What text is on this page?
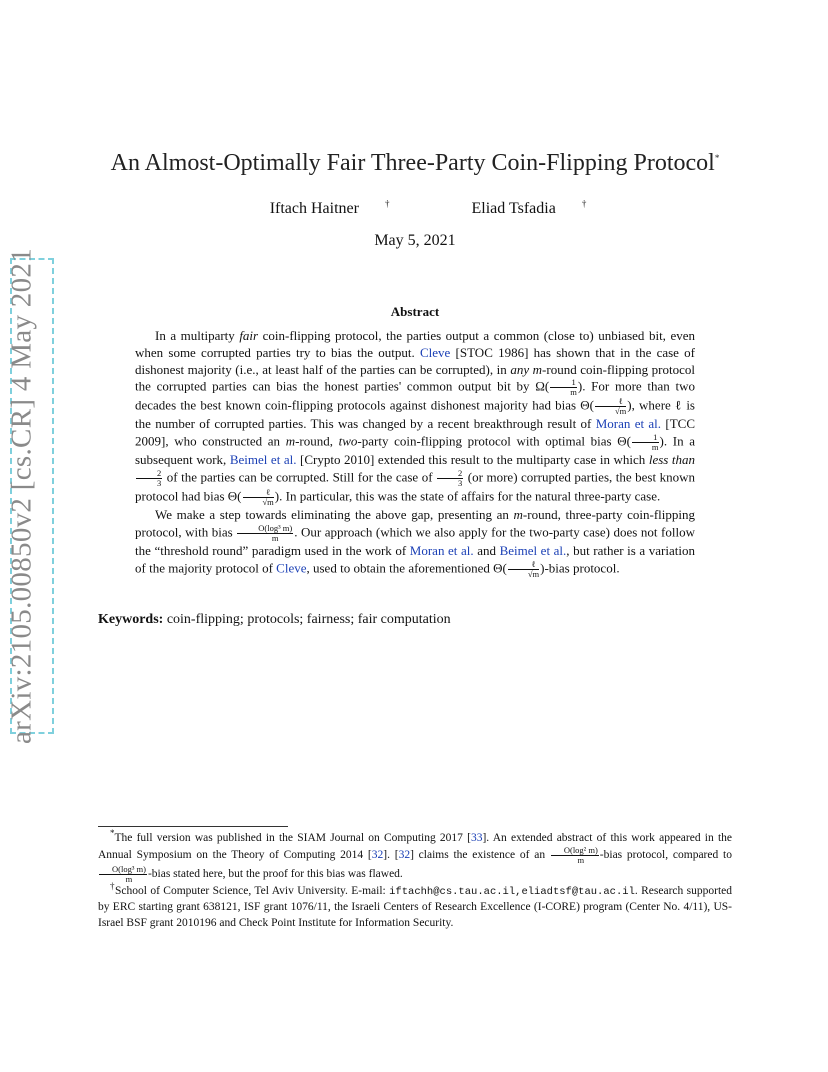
arXiv:2105.00850v2 [cs.CR] 4 May 2021
An Almost-Optimally Fair Three-Party Coin-Flipping Protocol*
Iftach Haitner	†	Eliad Tsfadia	†
May 5, 2021
Abstract

In a multiparty fair coin-flipping protocol, the parties output a common (close to) unbiased bit, even when some corrupted parties try to bias the output. Cleve [STOC 1986] has shown that in the case of dishonest majority (i.e., at least half of the parties can be corrupted), in any m-round coin-flipping protocol the corrupted parties can bias the honest parties' common output bit by $\Omega( \frac{1}{m}$ ). For more than two decades the best known coin-flipping protocols against dishonest majority had bias $\Theta( \frac{\text{ℓ}}{√m}$ ), where ℓ is the number of corrupted parties. This was changed by a recent breakthrough result of Moran et al. [TCC 2009], who constructed an m-round, two-party coin-flipping protocol with optimal bias $\Theta( \frac{1}{m}$ ). In a subsequent work, Beimel et al. [Crypto 2010] extended this result to the multiparty case in which less than
$\frac{2}{3}$ of the parties can be corrupted. Still for the case of $\frac{2}{3} (or$ more) corrupted parties, the best known protocol had bias $\Theta( \frac{\text{ℓ}}{√m}$ ). In particular, this was the state of affairs for the natural three-party case.

We make a step towards eliminating the above gap, presenting an m-round, three-party coin-flipping protocol, with bias $\frac{\text{O(log³ m)}}{m}$ . Our approach (which we also apply for the two-party case) does not follow the “threshold round” paradigm used in the work of Moran et al. and Beimel et al., but rather is a variation of the majority protocol of Cleve, used to obtain the aforementioned $\Theta( \frac{\text{ℓ}}{√m}$ )-bias protocol.

Keywords: coin-flipping; protocols; fairness; fair computation

*The full version was published in the SIAM Journal on Computing 2017 [33]. An extended abstract of this work appeared in the Annual Symposium on the Theory of Computing 2014 [32]. [32] claims the existence of an $\frac{\text{O(log² m)}}{m}$ -bias protocol, compared to
$\frac{\text{O(log³ m)}}{m}$ -bias stated here, but the proof for this bias was flawed.

†School of Computer Science, Tel Aviv University. E-mail: iftachh@cs.tau.ac.il,eliadtsf@tau.ac.il. Research supported by ERC starting grant 638121, ISF grant 1076/11, the Israeli Centers of Research Excellence (I-CORE) program (Center No. 4/11), US-Israel BSF grant 2010196 and Check Point Institute for Information Security.
